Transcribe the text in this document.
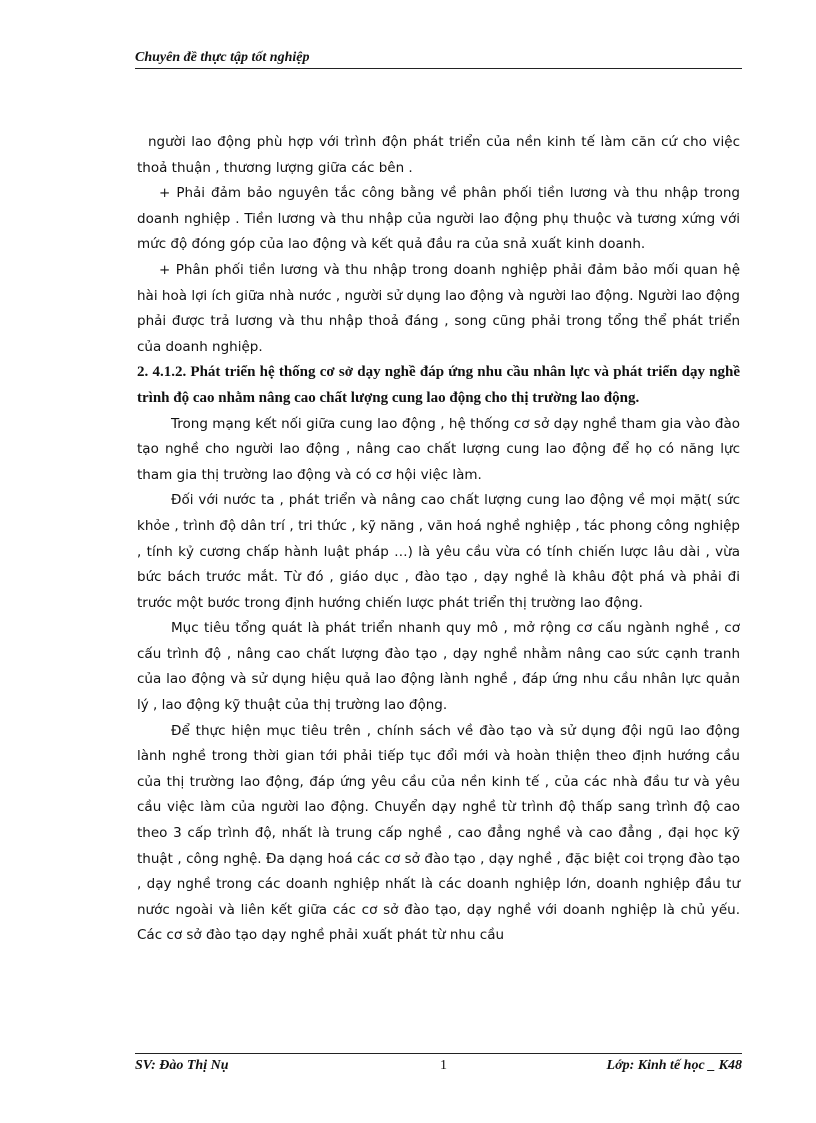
Chuyên đề thực tập tốt nghiệp

người lao động phù hợp với trình độn phát triển của nền kinh tế làm căn cứ cho việc thoả thuận , thương lượng giữa các bên .

+ Phải đảm bảo nguyên tắc công bằng về phân phối tiền lương và thu nhập trong doanh nghiệp . Tiền lương và thu nhập của người lao động phụ thuộc và tương xứng với mức độ đóng góp của lao động và kết quả đầu ra của snả xuất kinh doanh.

+ Phân phối tiền lương và thu nhập trong doanh nghiệp phải đảm bảo mối quan hệ hài hoà lợi ích giữa nhà nước , người sử dụng lao động và người lao động. Người lao động phải được trả lương và thu nhập thoả đáng , song cũng phải trong tổng thể phát triển của doanh nghiệp.

2. 4.1.2. Phát triển hệ thống cơ sở dạy nghề đáp ứng nhu cầu nhân lực và phát triển dạy nghề trình độ cao nhằm nâng cao chất lượng cung lao động cho thị trường lao động.

Trong mạng kết nối giữa cung lao động , hệ thống cơ sở dạy nghề tham gia vào đào tạo nghề cho người lao động , nâng cao chất lượng cung lao động để họ có năng lực tham gia thị trường lao động và có cơ hội việc làm.

Đối với nước ta , phát triển và nâng cao chất lượng cung lao động về mọi mặt( sức khỏe , trình độ dân trí , tri thức , kỹ năng , văn hoá nghề nghiệp , tác phong công nghiệp , tính kỷ cương chấp hành luật pháp …) là yêu cầu vừa có tính chiến lược lâu dài , vừa bức bách trước mắt. Từ đó , giáo dục , đào tạo , dạy nghề là khâu đột phá và phải đi trước một bước trong định hướng chiến lược phát triển thị trường lao động.

Mục tiêu tổng quát là phát triển nhanh quy mô , mở rộng cơ cấu ngành nghề , cơ cấu trình độ , nâng cao chất lượng đào tạo , dạy nghề nhằm nâng cao sức cạnh tranh của lao động và sử dụng hiệu quả lao động lành nghề , đáp ứng nhu cầu nhân lực quản lý , lao động kỹ thuật của thị trường lao động.

Để thực hiện mục tiêu trên , chính sách về đào tạo và sử dụng đội ngũ lao động lành nghề trong thời gian tới phải tiếp tục đổi mới và hoàn thiện theo định hướng cầu của thị trường lao động, đáp ứng yêu cầu của nền kinh tế , của các nhà đầu tư và yêu cầu việc làm của người lao động. Chuyển dạy nghề từ trình độ thấp sang trình độ cao theo 3 cấp trình độ, nhất là trung cấp nghề , cao đẳng nghề và cao đẳng , đại học kỹ thuật , công nghệ. Đa dạng hoá các cơ sở đào tạo , dạy nghề , đặc biệt coi trọng đào tạo , dạy nghề trong các doanh nghiệp nhất là các doanh nghiệp lớn, doanh nghiệp đầu tư nước ngoài và liên kết giữa các cơ sở đào tạo, dạy nghề với doanh nghiệp là chủ yếu. Các cơ sở đào tạo dạy nghề phải xuất phát từ nhu cầu

SV: Đào Thị Nụ	1	Lớp: Kinh tế học _ K48
